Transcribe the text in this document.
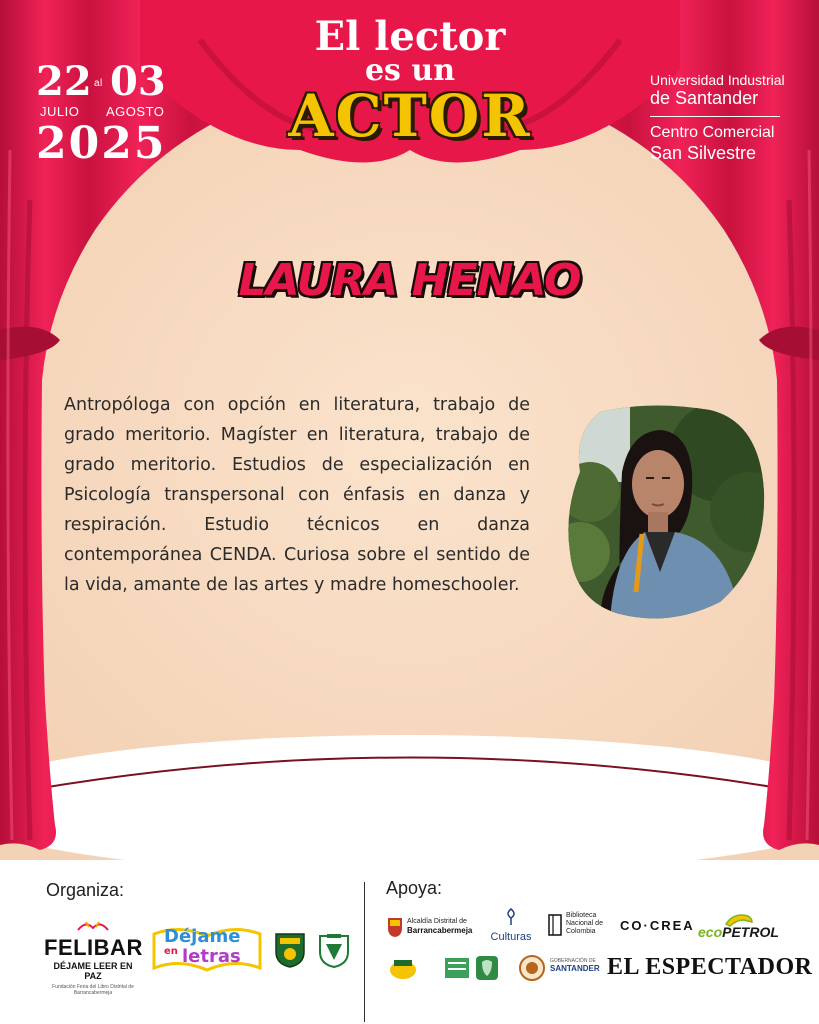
22 al 03
JULIO AGOSTO
2025
El lector
es un
ACTOR
Universidad Industrial
de Santander
Centro Comercial
San Silvestre
LAURA HENAO

Antropóloga con opción en literatura, trabajo de grado meritorio. Magíster en literatura, trabajo de grado meritorio. Estudios de especialización en Psicología transpersonal con énfasis en danza y respiración. Estudio técnicos en danza contemporánea CENDA. Curiosa sobre el sentido de la vida, amante de las artes y madre homeschooler.

Organiza:	Apoya:
FELIBAR
DÉJAME LEER EN PAZ
Fundación Feria del Libro Distrital de Barrancabermeja
Déjame
en letras
Alcaldía Distrital de
Barrancabermeja
Culturas
Biblioteca
Nacional de
Colombia CO·CREA ecoPETROL
GOBERNACIÓN DE
SANTANDER EL ESPECTADOR
